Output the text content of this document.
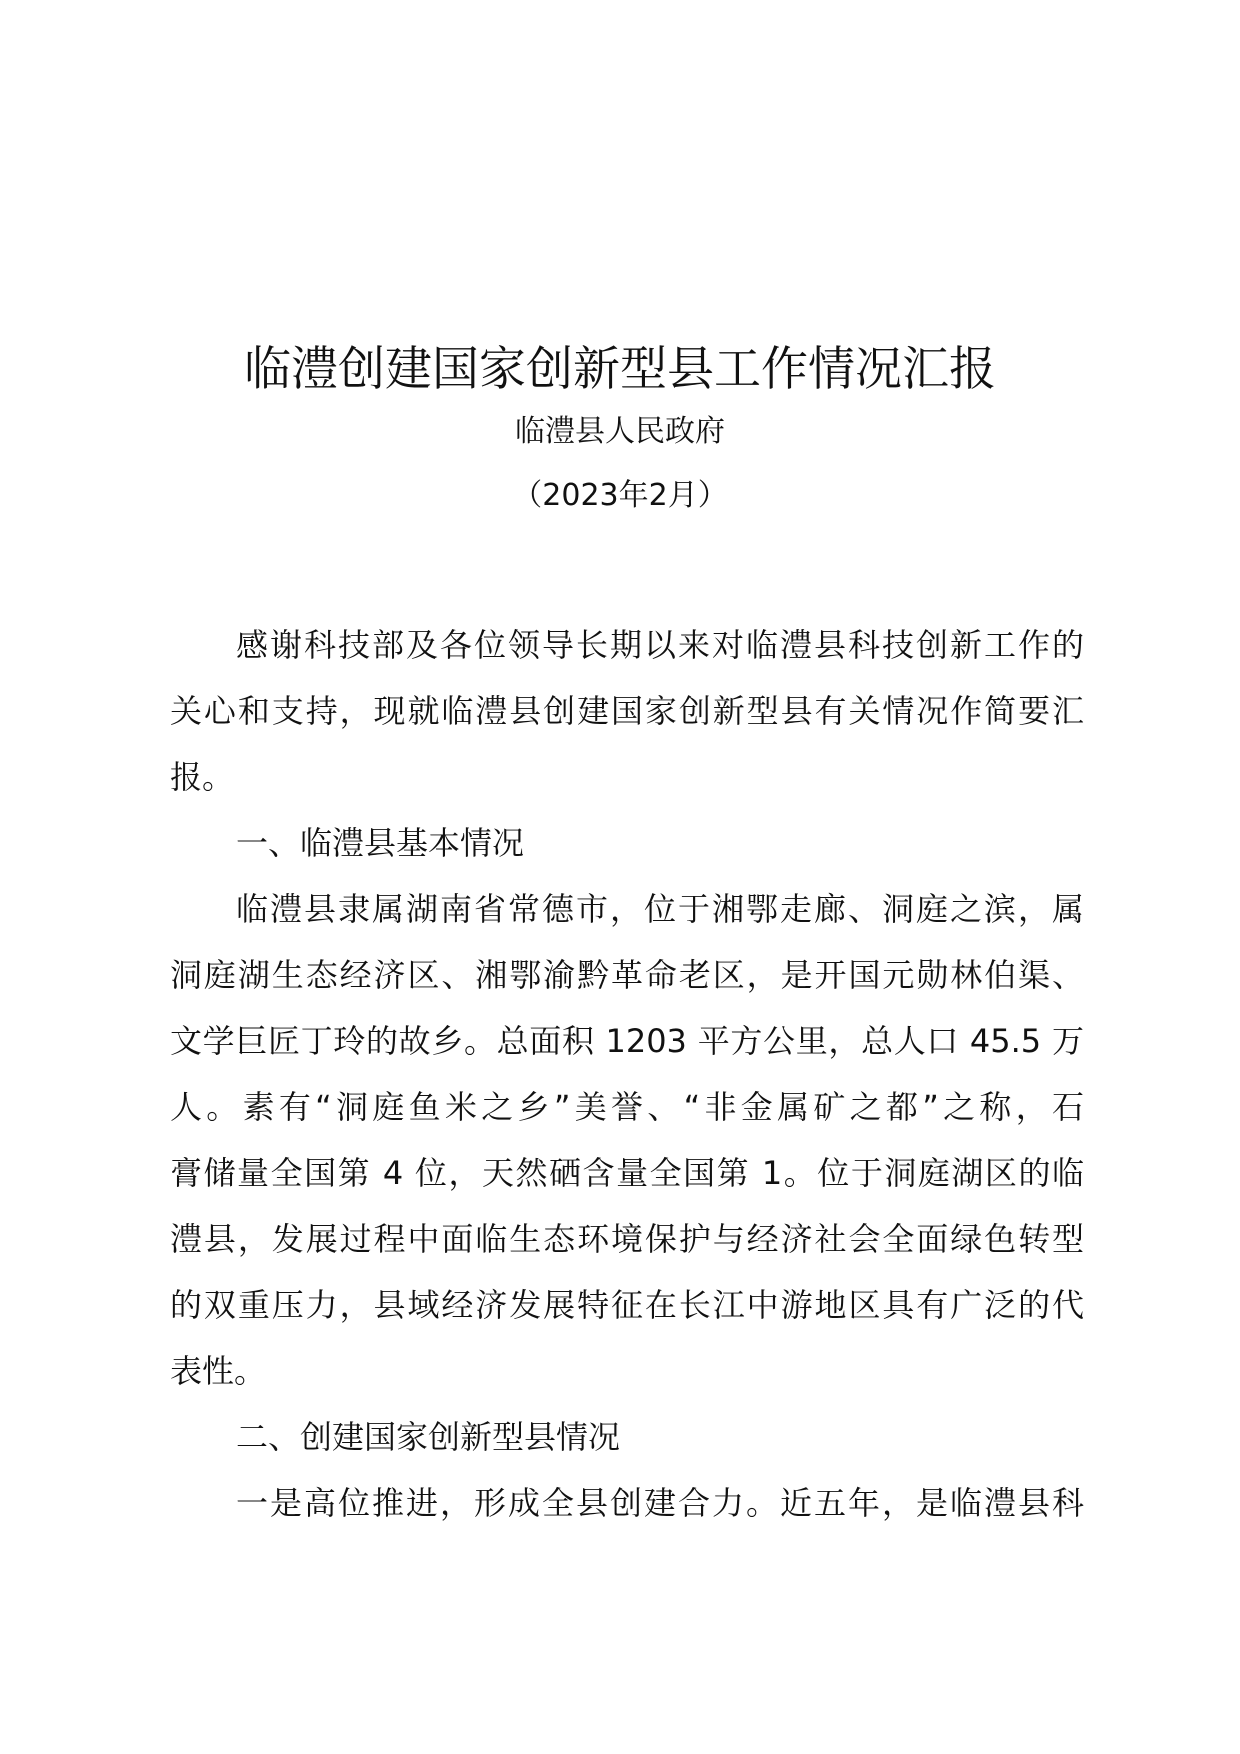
临澧创建国家创新型县工作情况汇报
临澧县人民政府
（2023年2月）
感谢科技部及各位领导长期以来对临澧县科技创新工作的
关心和支持，现就临澧县创建国家创新型县有关情况作简要汇
报。
一、临澧县基本情况
临澧县隶属湖南省常德市，位于湘鄂走廊、洞庭之滨，属
洞庭湖生态经济区、湘鄂渝黔革命老区，是开国元勋林伯渠、
文学巨匠丁玲的故乡。总面积 1203 平方公里，总人口 45.5 万
人。素有“洞庭鱼米之乡”美誉、“非金属矿之都”之称，石
膏储量全国第 4 位，天然硒含量全国第 1。位于洞庭湖区的临
澧县，发展过程中面临生态环境保护与经济社会全面绿色转型
的双重压力，县域经济发展特征在长江中游地区具有广泛的代
表性。
二、创建国家创新型县情况
一是高位推进，形成全县创建合力。近五年，是临澧县科
